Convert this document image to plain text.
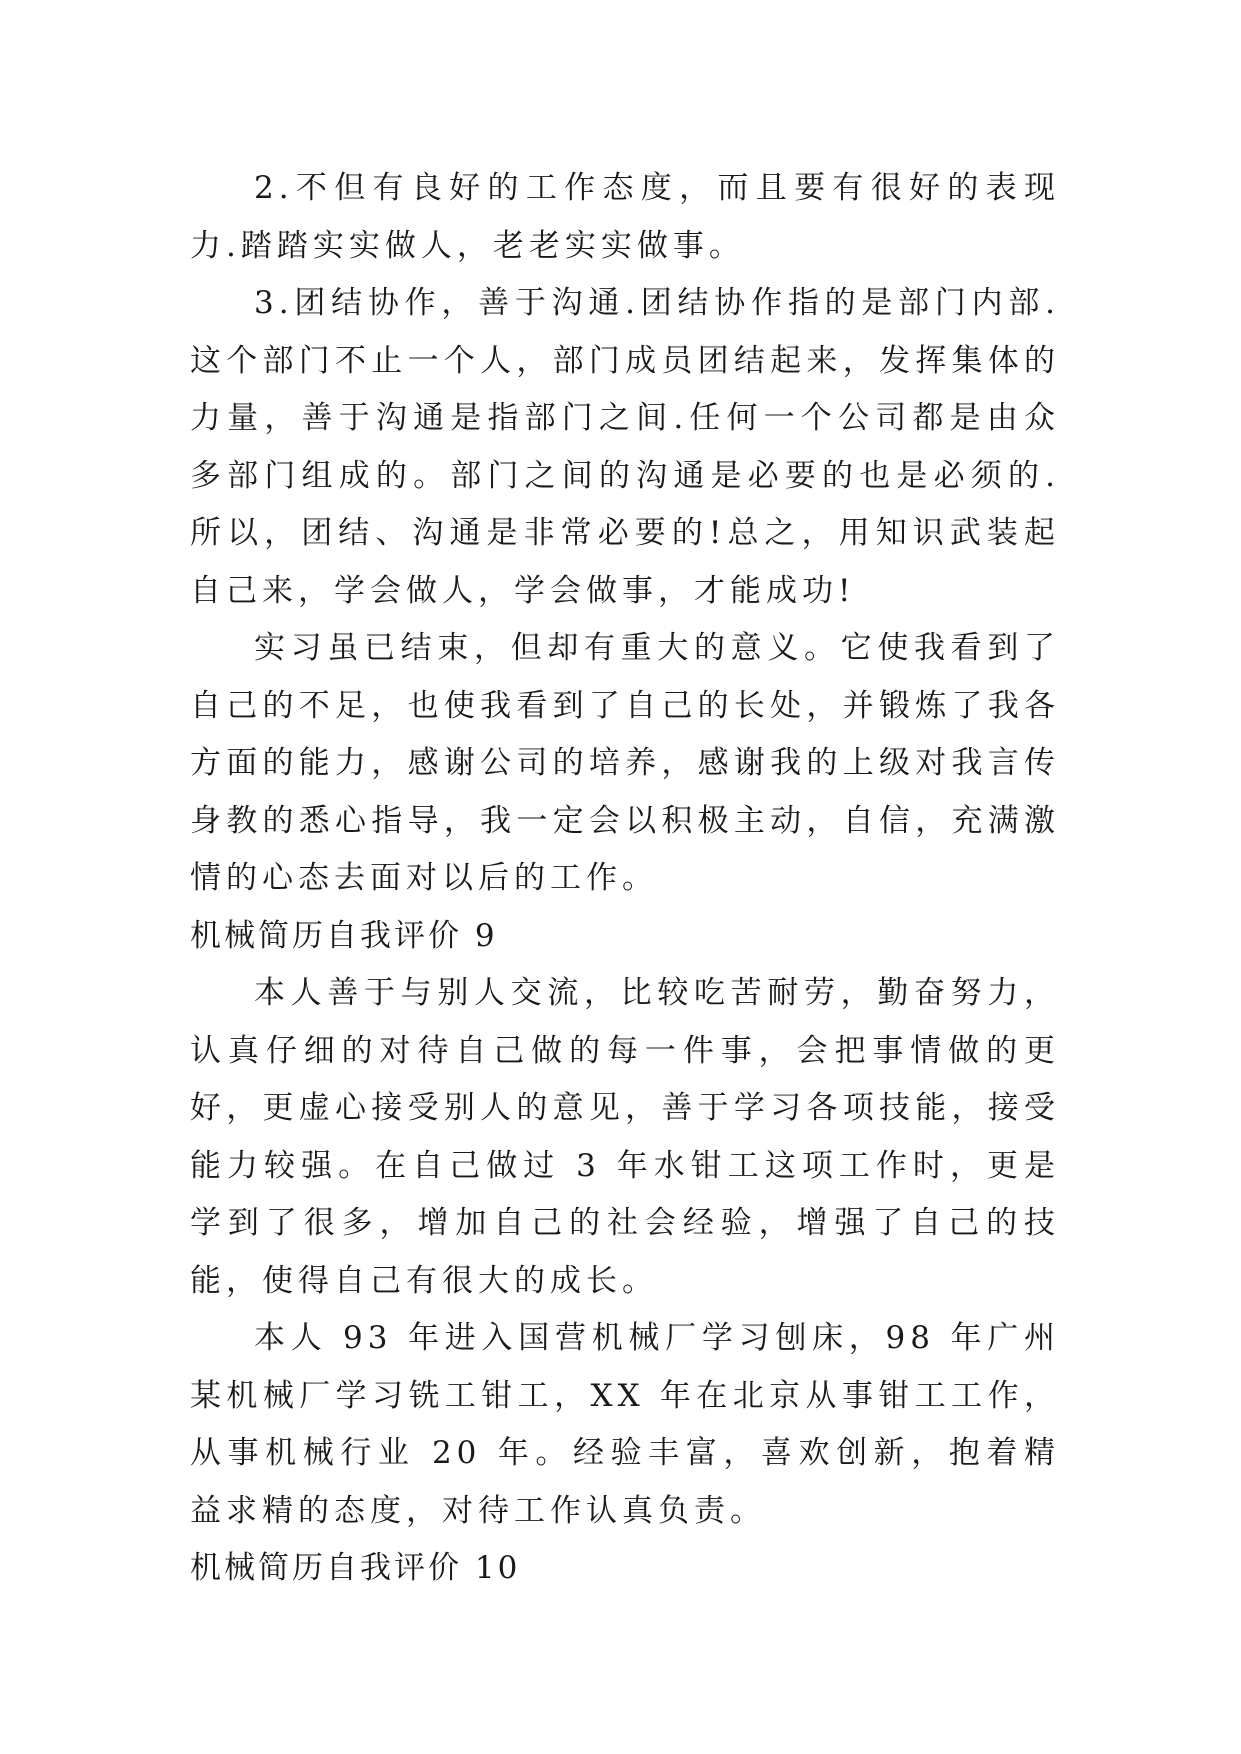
2.不但有良好的工作态度，而且要有很好的表现力.踏踏实实做人，老老实实做事。

3.团结协作，善于沟通.团结协作指的是部门内部.这个部门不止一个人，部门成员团结起来，发挥集体的力量，善于沟通是指部门之间.任何一个公司都是由众多部门组成的。部门之间的沟通是必要的也是必须的.所以，团结、沟通是非常必要的!总之，用知识武装起自己来，学会做人，学会做事，才能成功!

实习虽已结束，但却有重大的意义。它使我看到了自己的不足，也使我看到了自己的长处，并锻炼了我各方面的能力，感谢公司的培养，感谢我的上级对我言传身教的悉心指导，我一定会以积极主动，自信，充满激情的心态去面对以后的工作。

机械简历自我评价 9

本人善于与别人交流，比较吃苦耐劳，勤奋努力，认真仔细的对待自己做的每一件事，会把事情做的更好，更虚心接受别人的意见，善于学习各项技能，接受能力较强。在自己做过 3 年水钳工这项工作时，更是学到了很多，增加自己的社会经验，增强了自己的技能，使得自己有很大的成长。

本人 93 年进入国营机械厂学习刨床，98 年广州某机械厂学习铣工钳工，XX 年在北京从事钳工工作，从事机械行业 20 年。经验丰富，喜欢创新，抱着精益求精的态度，对待工作认真负责。

机械简历自我评价 10
